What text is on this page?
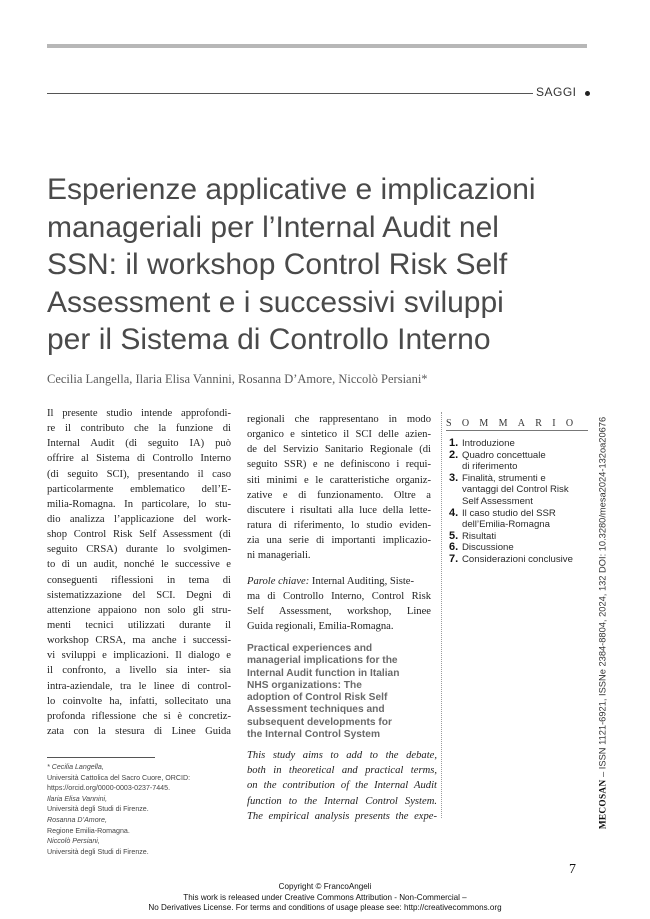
SAGGI
Esperienze applicative e implicazioni
manageriali per l’Internal Audit nel
SSN: il workshop Control Risk Self
Assessment e i successivi sviluppi
per il Sistema di Controllo Interno
Cecilia Langella, Ilaria Elisa Vannini, Rosanna D’Amore, Niccolò Persiani*
Il presente studio intende approfondi-
re il contributo che la funzione di
Internal Audit (di seguito IA) può
offrire al Sistema di Controllo Interno
(di seguito SCI), presentando il caso
particolarmente emblematico dell’E-
milia-Romagna. In particolare, lo stu-
dio analizza l’applicazione del work-
shop Control Risk Self Assessment (di
seguito CRSA) durante lo svolgimen-
to di un audit, nonché le successive e
conseguenti riflessioni in tema di
sistematizzazione del SCI. Degni di
attenzione appaiono non solo gli stru-
menti tecnici utilizzati durante il
workshop CRSA, ma anche i successi-
vi sviluppi e implicazioni. Il dialogo e
il confronto, a livello sia inter- sia
intra-aziendale, tra le linee di control-
lo coinvolte ha, infatti, sollecitato una
profonda riflessione che si è concretiz-
zata con la stesura di Linee Guida
regionali che rappresentano in modo
organico e sintetico il SCI delle azien-
de del Servizio Sanitario Regionale (di
seguito SSR) e ne definiscono i requi-
siti minimi e le caratteristiche organiz-
zative e di funzionamento. Oltre a
discutere i risultati alla luce della lette-
ratura di riferimento, lo studio eviden-
zia una serie di importanti implicazio-
ni manageriali.
Parole chiave: Internal Auditing, Siste-
ma di Controllo Interno, Control Risk
Self Assessment, workshop, Linee
Guida regionali, Emilia-Romagna.
Practical experiences and
managerial implications for the
Internal Audit function in Italian
NHS organizations: The
adoption of Control Risk Self
Assessment techniques and
subsequent developments for
the Internal Control System
This study aims to add to the debate,
both in theoretical and practical terms,
on the contribution of the Internal Audit
function to the Internal Control System.
The empirical analysis presents the expe-
SOMMARIO
1. Introduzione
2. Quadro concettuale
di riferimento
3. Finalità, strumenti e
vantaggi del Control Risk
Self Assessment
4. Il caso studio del SSR
dell’Emilia-Romagna
5. Risultati
6. Discussione
7. Considerazioni conclusive
MECOSAN – ISSN 1121-6921, ISSNe 2384-8804, 2024, 132 DOI: 10.3280/mesa2024-132oa20676
* Cecilia Langella,
Università Cattolica del Sacro Cuore, ORCID: https://orcid.org/0000-0003-0237-7445.
Ilaria Elisa Vannini,
Università degli Studi di Firenze.
Rosanna D’Amore,
Regione Emilia-Romagna.
Niccolò Persiani,
Università degli Studi di Firenze.
7
Copyright © FrancoAngeli
This work is released under Creative Commons Attribution - Non-Commercial –
No Derivatives License. For terms and conditions of usage please see: http://creativecommons.org
